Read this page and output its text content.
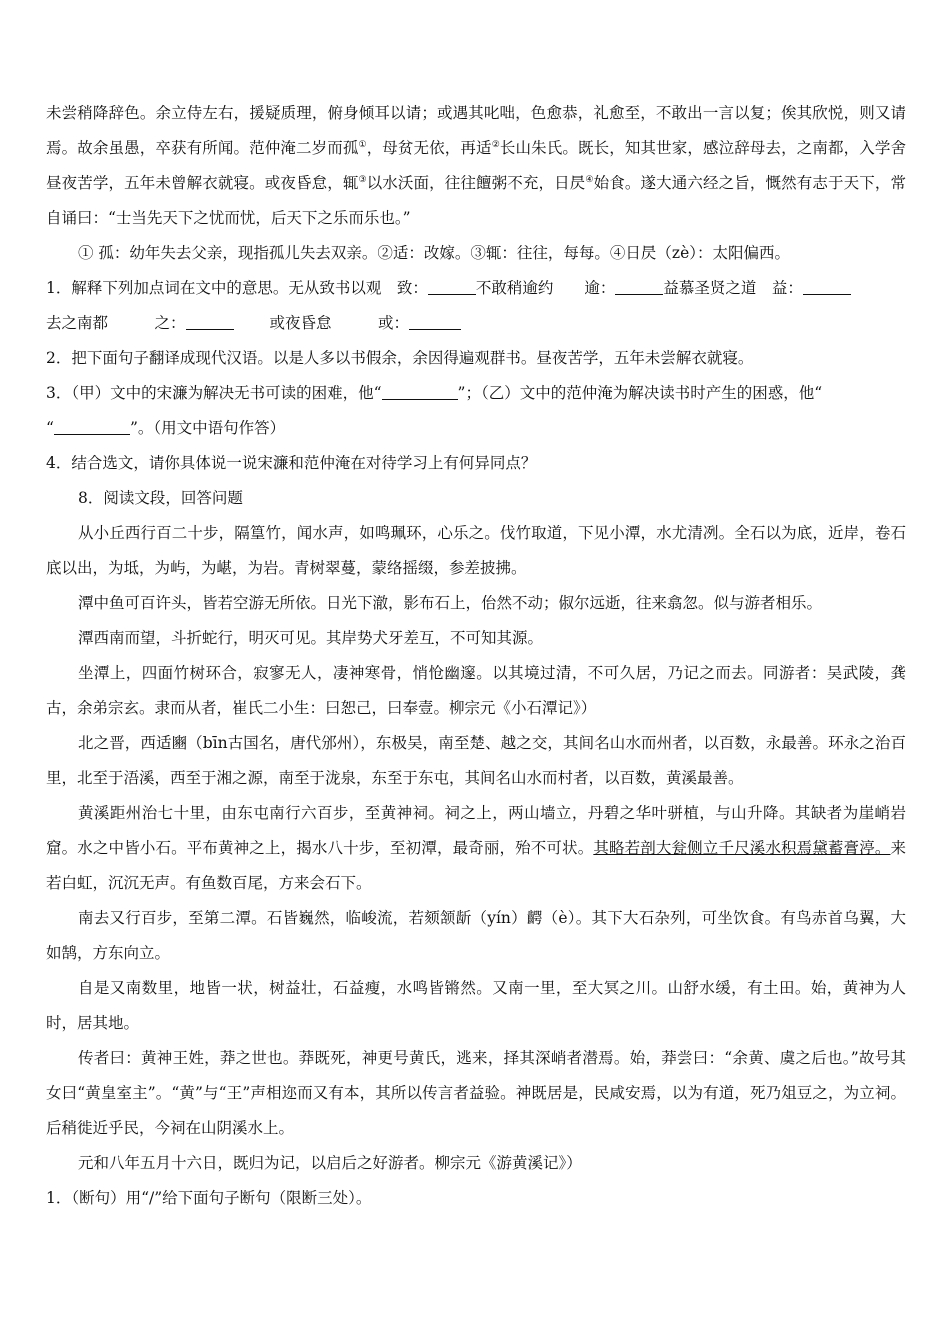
未尝稍降辞色。余立侍左右，援疑质理，俯身倾耳以请；或遇其叱咄，色愈恭，礼愈至，不敢出一言以复；俟其欣悦，则又请焉。故余虽愚，卒获有所闻。范仲淹二岁而孤①，母贫无依，再适②长山朱氏。既长，知其世家，感泣辞母去，之南都，入学舍昼夜苦学，五年未曾解衣就寝。或夜昏怠，辄③以水沃面，往往饘粥不充，日昃④始食。遂大通六经之旨，慨然有志于天下，常自诵曰：“士当先天下之忧而忧，后天下之乐而乐也。”

① 孤：幼年失去父亲，现指孤儿失去双亲。②适：改嫁。③辄：往往，每每。④日昃（zè）：太阳偏西。

1．解释下列加点词在文中的意思。无从致书以观　致：	不敢稍逾约　　逾：	益慕圣贤之道　益：
去之南都　　　之：	或夜昏怠　　　或：

2．把下面句子翻译成现代汉语。以是人多以书假余，余因得遍观群书。昼夜苦学，五年未尝解衣就寝。

3．（甲）文中的宋濂为解决无书可读的困难，他“	”；（乙）文中的范仲淹为解决读书时产生的困惑，他“
“	”。（用文中语句作答）

4．结合选文，请你具体说一说宋濂和范仲淹在对待学习上有何异同点？

8．阅读文段，回答问题

从小丘西行百二十步，隔篁竹，闻水声，如鸣珮环，心乐之。伐竹取道，下见小潭，水尤清冽。全石以为底，近岸，卷石底以出，为坻，为屿，为嵁，为岩。青树翠蔓，蒙络摇缀，参差披拂。

潭中鱼可百许头，皆若空游无所依。日光下澈，影布石上，佁然不动；俶尔远逝，往来翕忽。似与游者相乐。

潭西南而望，斗折蛇行，明灭可见。其岸势犬牙差互，不可知其源。

坐潭上，四面竹树环合，寂寥无人，凄神寒骨，悄怆幽邃。以其境过清，不可久居，乃记之而去。同游者：吴武陵，龚古，余弟宗玄。隶而从者，崔氏二小生：曰恕己，曰奉壹。柳宗元《小石潭记》）

北之晋，西适豳（bīn古国名，唐代邠州），东极吴，南至楚、越之交，其间名山水而州者，以百数，永最善。环永之治百里，北至于浯溪，西至于湘之源，南至于泷泉，东至于东屯，其间名山水而村者，以百数，黄溪最善。

黄溪距州治七十里，由东屯南行六百步，至黄神祠。祠之上，两山墙立，丹碧之华叶骈植，与山升降。其缺者为崖峭岩窟。水之中皆小石。平布黄神之上，揭水八十步，至初潭，最奇丽，殆不可状。其略若剖大瓮侧立千尺溪水积焉黛蓄膏渟。来若白虹，沉沉无声。有鱼数百尾，方来会石下。

南去又行百步，至第二潭。石皆巍然，临峻流，若颏颔龂（yín）齶（è）。其下大石杂列，可坐饮食。有鸟赤首乌翼，大如鹄，方东向立。

自是又南数里，地皆一状，树益壮，石益瘦，水鸣皆锵然。又南一里，至大冥之川。山舒水缓，有土田。始，黄神为人时，居其地。

传者曰：黄神王姓，莽之世也。莽既死，神更号黄氏，逃来，择其深峭者潜焉。始，莽尝曰：“余黄、虞之后也。”故号其女曰“黄皇室主”。“黄”与“王”声相迩而又有本，其所以传言者益验。神既居是，民咸安焉，以为有道，死乃俎豆之，为立祠。后稍徙近乎民，今祠在山阴溪水上。

元和八年五月十六日，既归为记，以启后之好游者。柳宗元《游黄溪记》）

1．（断句）用“/”给下面句子断句（限断三处）。
